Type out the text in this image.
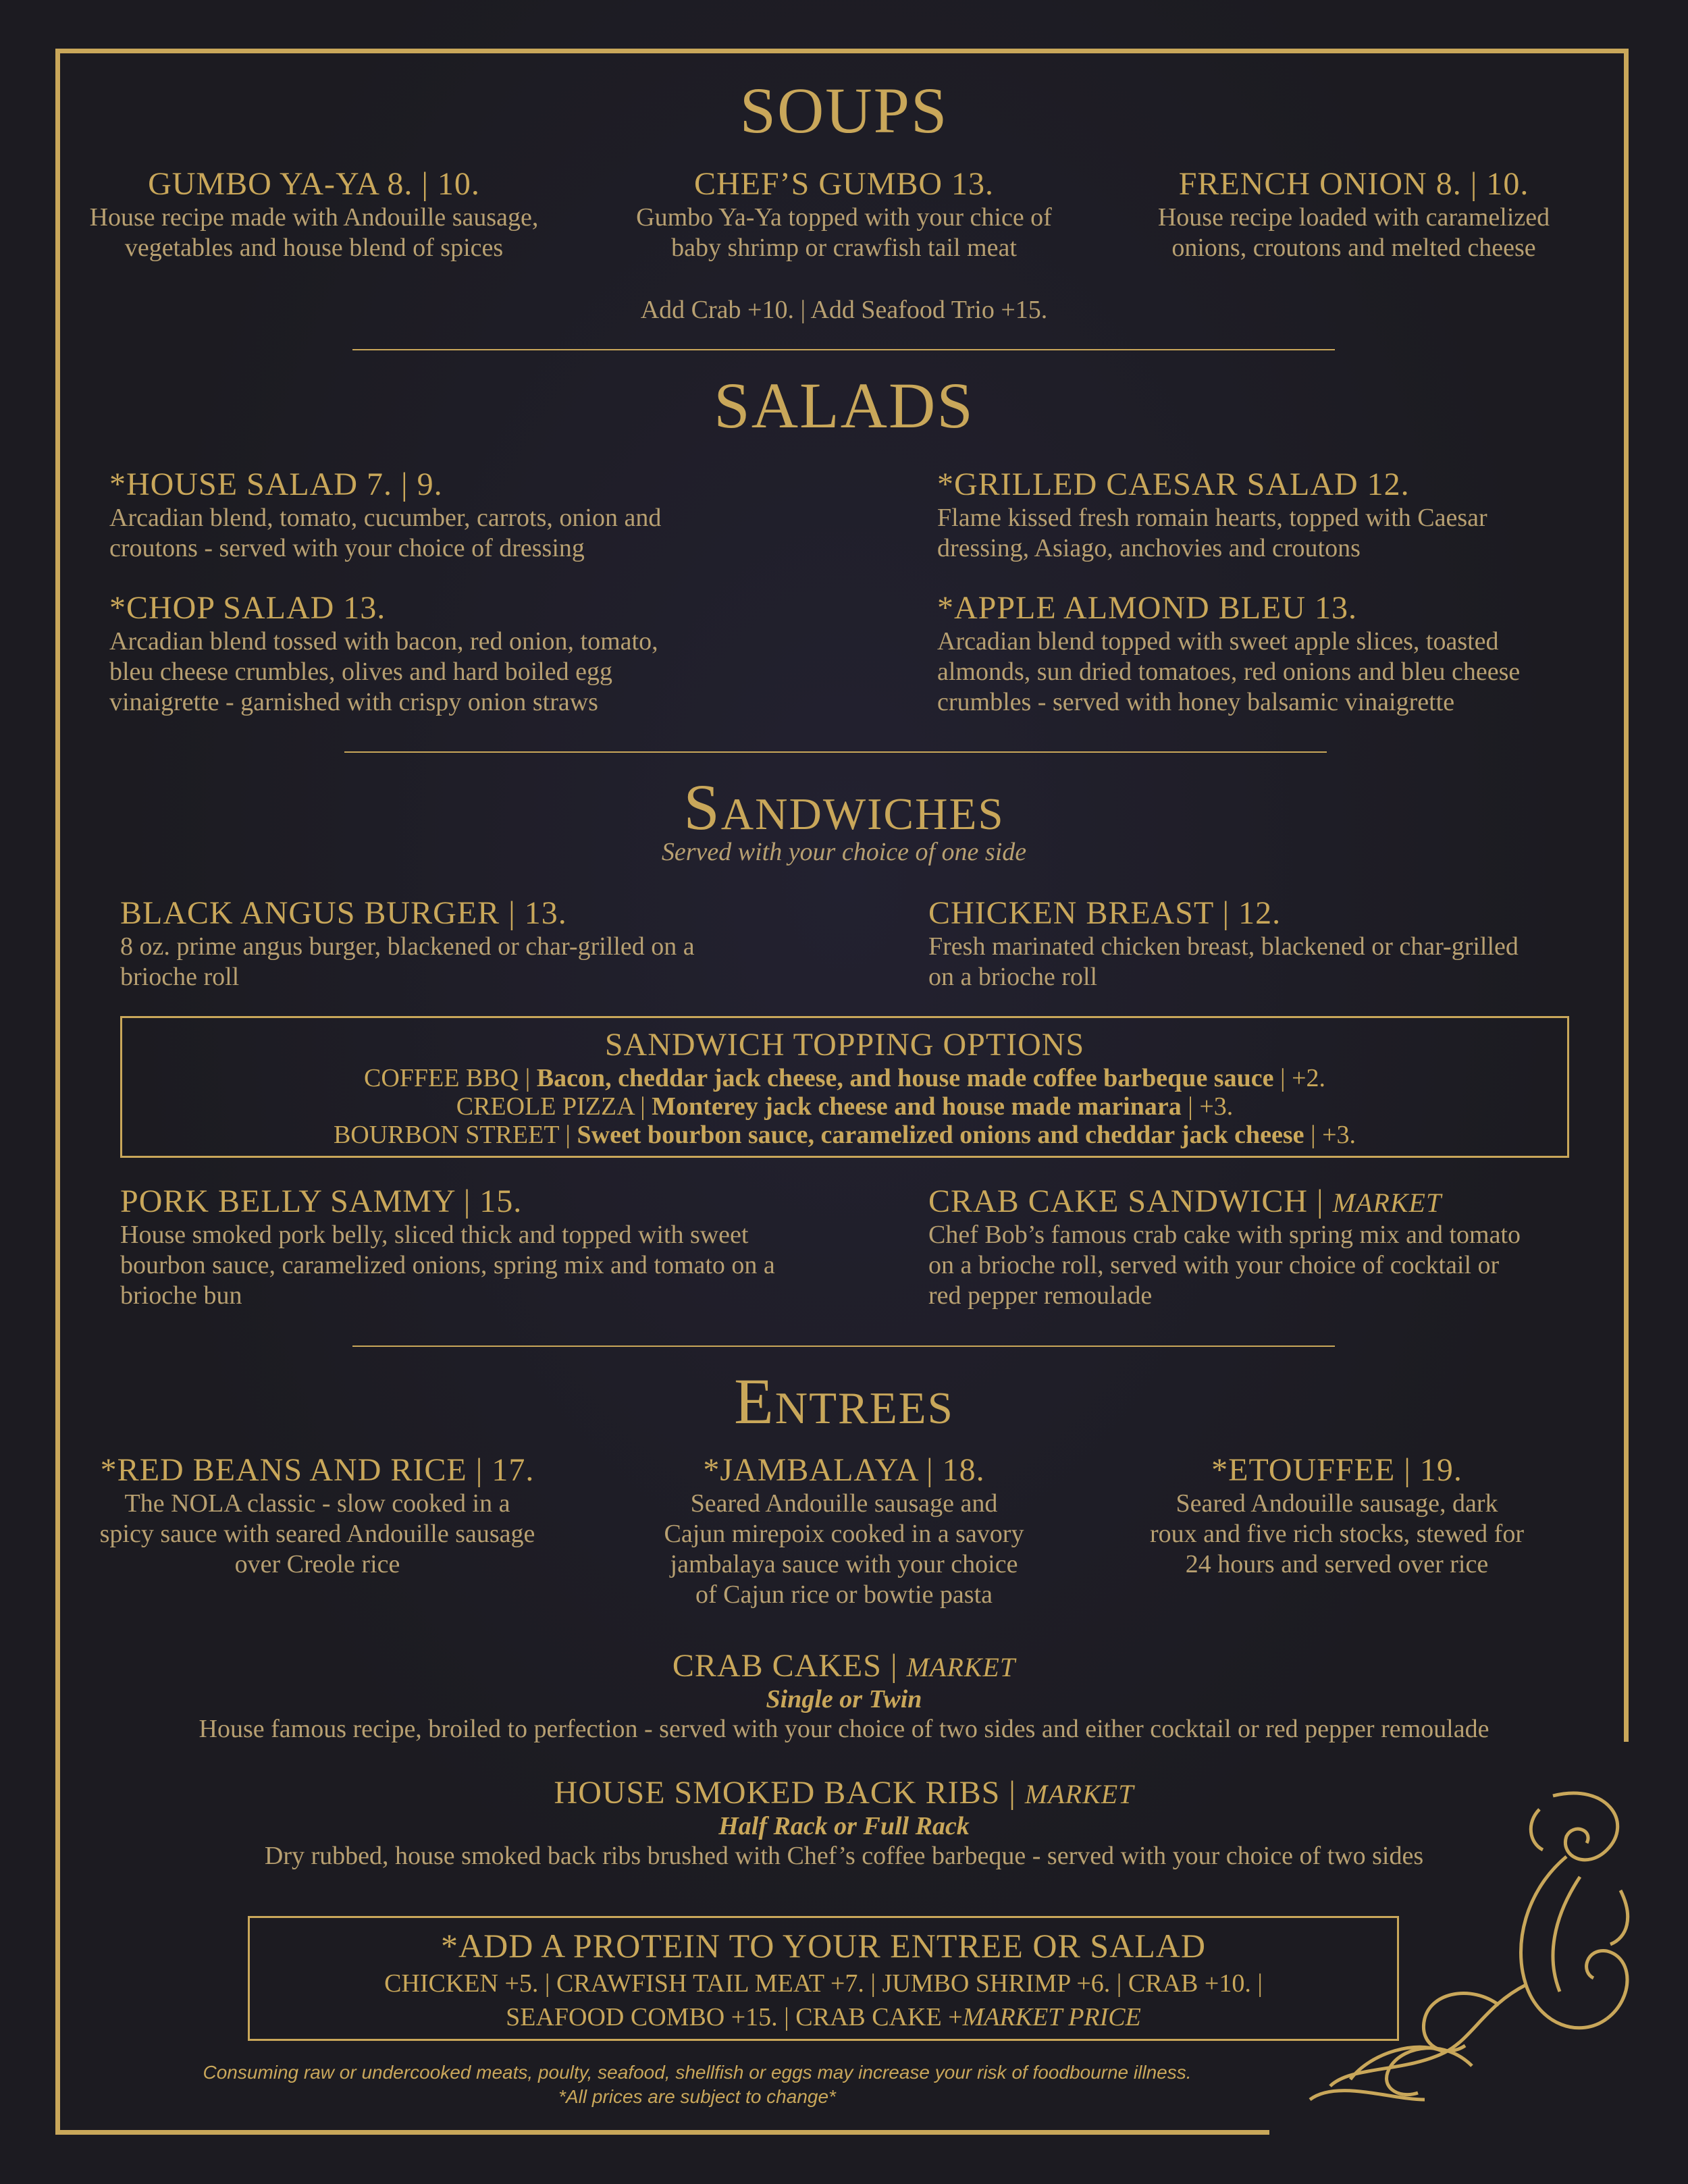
SOUPS
GUMBO YA-YA 8. | 10.
House recipe made with Andouille sausage,
vegetables and house blend of spices
CHEF’S GUMBO 13.
Gumbo Ya-Ya topped with your chice of
baby shrimp or crawfish tail meat
FRENCH ONION 8. | 10.
House recipe loaded with caramelized
onions, croutons and melted cheese
Add Crab +10. | Add Seafood Trio +15.
SALADS
*HOUSE SALAD 7. | 9.
Arcadian blend, tomato, cucumber, carrots, onion and
croutons - served with your choice of dressing
*GRILLED CAESAR SALAD 12.
Flame kissed fresh romain hearts, topped with Caesar
dressing, Asiago, anchovies and croutons
*CHOP SALAD 13.
Arcadian blend tossed with bacon, red onion, tomato,
bleu cheese crumbles, olives and hard boiled egg
vinaigrette - garnished with crispy onion straws
*APPLE ALMOND BLEU 13.
Arcadian blend topped with sweet apple slices, toasted
almonds, sun dried tomatoes, red onions and bleu cheese
crumbles - served with honey balsamic vinaigrette
Sandwiches
Served with your choice of one side
BLACK ANGUS BURGER | 13.
8 oz. prime angus burger, blackened or char-grilled on a
brioche roll
CHICKEN BREAST | 12.
Fresh marinated chicken breast, blackened or char-grilled
on a brioche roll
SANDWICH TOPPING OPTIONS
COFFEE BBQ | Bacon, cheddar jack cheese, and house made coffee barbeque sauce | +2.
CREOLE PIZZA | Monterey jack cheese and house made marinara | +3.
BOURBON STREET | Sweet bourbon sauce, caramelized onions and cheddar jack cheese | +3.
PORK BELLY SAMMY | 15.
House smoked pork belly, sliced thick and topped with sweet
bourbon sauce, caramelized onions, spring mix and tomato on a
brioche bun
CRAB CAKE SANDWICH | MARKET
Chef Bob’s famous crab cake with spring mix and tomato
on a brioche roll, served with your choice of cocktail or
red pepper remoulade
Entrees
*RED BEANS AND RICE | 17.
The NOLA classic - slow cooked in a
spicy sauce with seared Andouille sausage
over Creole rice
*JAMBALAYA | 18.
Seared Andouille sausage and
Cajun mirepoix cooked in a savory
jambalaya sauce with your choice
of Cajun rice or bowtie pasta
*ETOUFFEE | 19.
Seared Andouille sausage, dark
roux and five rich stocks, stewed for
24 hours and served over rice
CRAB CAKES | MARKET
Single or Twin
House famous recipe, broiled to perfection - served with your choice of two sides and either cocktail or red pepper remoulade
HOUSE SMOKED BACK RIBS | MARKET
Half Rack or Full Rack
Dry rubbed, house smoked back ribs brushed with Chef’s coffee barbeque - served with your choice of two sides
*ADD A PROTEIN TO YOUR ENTREE OR SALAD
CHICKEN +5. | CRAWFISH TAIL MEAT +7. | JUMBO SHRIMP +6. | CRAB +10. |
SEAFOOD COMBO +15. | CRAB CAKE +MARKET PRICE
Consuming raw or undercooked meats, poulty, seafood, shellfish or eggs may increase your risk of foodbourne illness.
*All prices are subject to change*
